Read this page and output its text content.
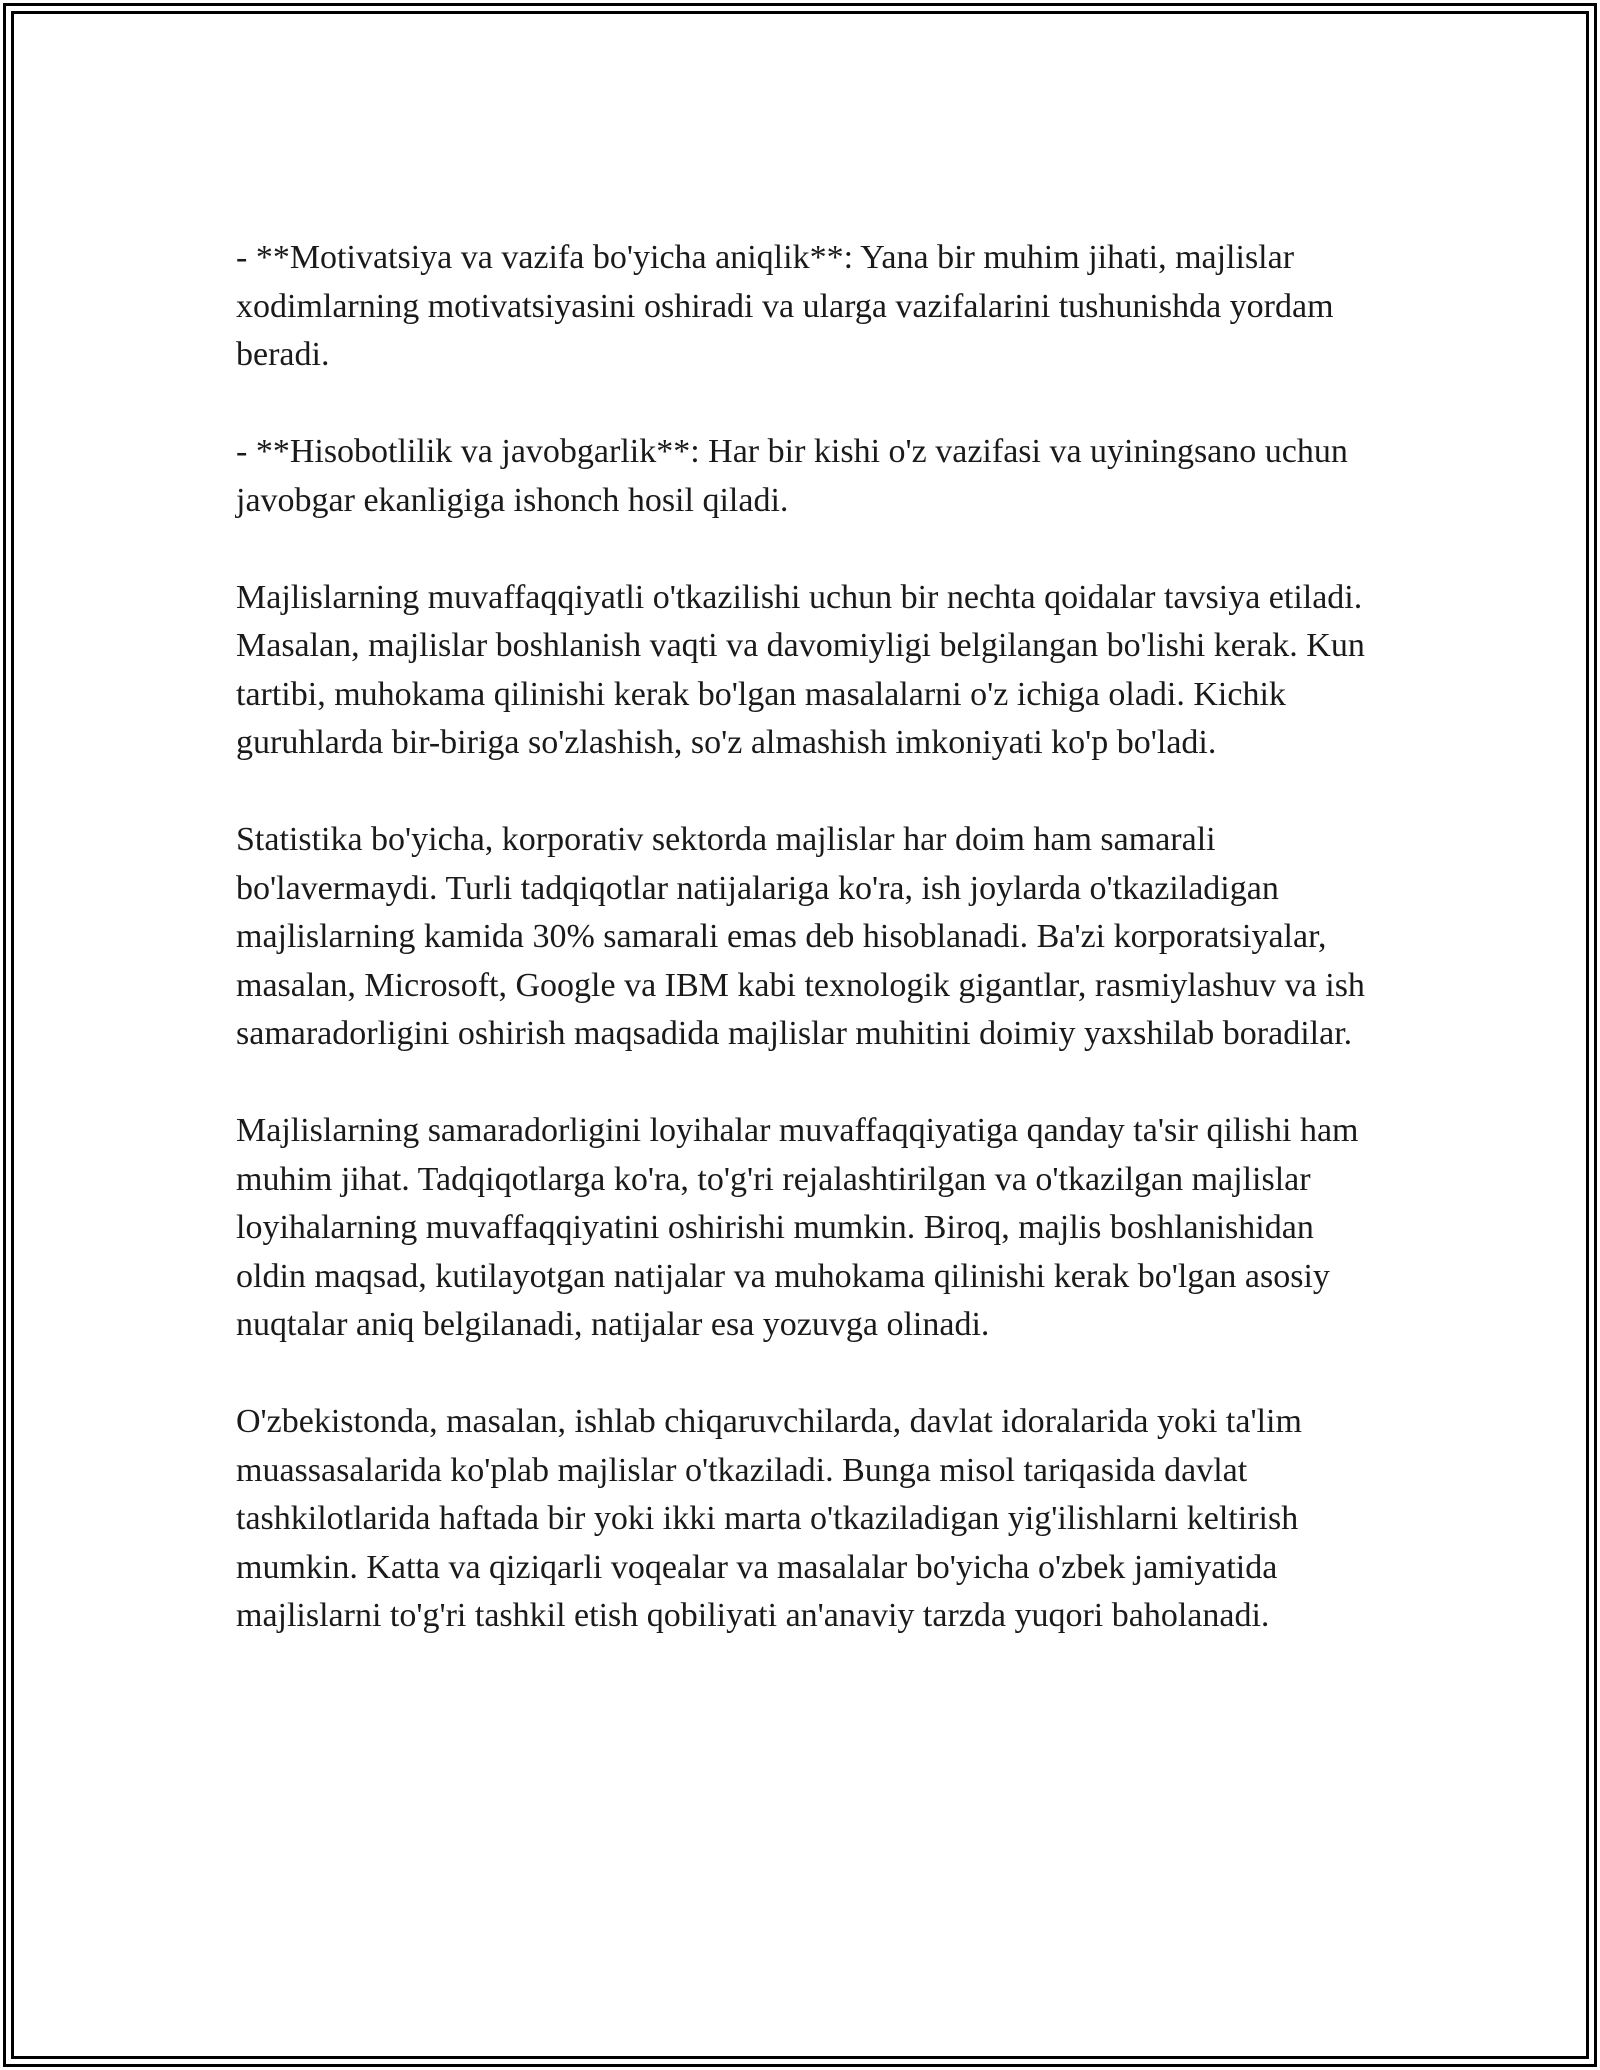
- **Motivatsiya va vazifa bo'yicha aniqlik**: Yana bir muhim jihati, majlislar xodimlarning motivatsiyasini oshiradi va ularga vazifalarini tushunishda yordam beradi.

- **Hisobotlilik va javobgarlik**: Har bir kishi o'z vazifasi va uyiningsano uchun javobgar ekanligiga ishonch hosil qiladi.

Majlislarning muvaffaqqiyatli o'tkazilishi uchun bir nechta qoidalar tavsiya etiladi. Masalan, majlislar boshlanish vaqti va davomiyligi belgilangan bo'lishi kerak. Kun tartibi, muhokama qilinishi kerak bo'lgan masalalarni o'z ichiga oladi. Kichik guruhlarda bir-biriga so'zlashish, so'z almashish imkoniyati ko'p bo'ladi.

Statistika bo'yicha, korporativ sektorda majlislar har doim ham samarali bo'lavermaydi. Turli tadqiqotlar natijalariga ko'ra, ish joylarda o'tkaziladigan majlislarning kamida 30% samarali emas deb hisoblanadi. Ba'zi korporatsiyalar, masalan, Microsoft, Google va IBM kabi texnologik gigantlar, rasmiylashuv va ish samaradorligini oshirish maqsadida majlislar muhitini doimiy yaxshilab boradilar.

Majlislarning samaradorligini loyihalar muvaffaqqiyatiga qanday ta'sir qilishi ham muhim jihat. Tadqiqotlarga ko'ra, to'g'ri rejalashtirilgan va o'tkazilgan majlislar loyihalarning muvaffaqqiyatini oshirishi mumkin. Biroq, majlis boshlanishidan oldin maqsad, kutilayotgan natijalar va muhokama qilinishi kerak bo'lgan asosiy nuqtalar aniq belgilanadi, natijalar esa yozuvga olinadi.

O'zbekistonda, masalan, ishlab chiqaruvchilarda, davlat idoralarida yoki ta'lim muassasalarida ko'plab majlislar o'tkaziladi. Bunga misol tariqasida davlat tashkilotlarida haftada bir yoki ikki marta o'tkaziladigan yig'ilishlarni keltirish mumkin. Katta va qiziqarli voqealar va masalalar bo'yicha o'zbek jamiyatida majlislarni to'g'ri tashkil etish qobiliyati an'anaviy tarzda yuqori baholanadi.
